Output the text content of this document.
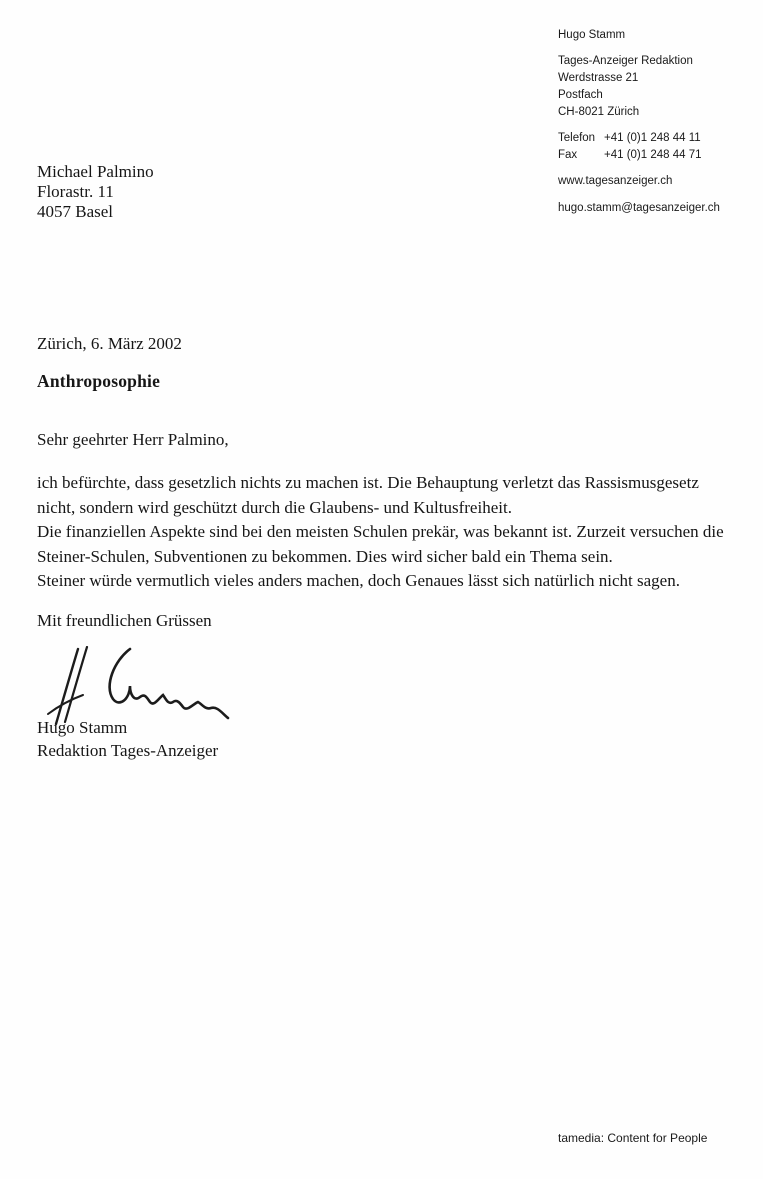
Hugo Stamm
Tages-Anzeiger Redaktion
Werdstrasse 21
Postfach
CH-8021 Zürich
Telefon +41 (0)1 248 44 11
Fax	+41 (0)1 248 44 71
www.tagesanzeiger.ch
hugo.stamm@tagesanzeiger.ch
Michael Palmino
Florastr. 11
4057 Basel
Zürich, 6. März 2002
Anthroposophie
Sehr geehrter Herr Palmino,

ich befürchte, dass gesetzlich nichts zu machen ist. Die Behauptung verletzt das Rassismusgesetz nicht, sondern wird geschützt durch die Glaubens- und Kultusfreiheit.

Die finanziellen Aspekte sind bei den meisten Schulen prekär, was bekannt ist. Zurzeit versuchen die Steiner-Schulen, Subventionen zu bekommen. Dies wird sicher bald ein Thema sein.

Steiner würde vermutlich vieles anders machen, doch Genaues lässt sich natürlich nicht sagen.

Mit freundlichen Grüssen
Hugo Stamm
Redaktion Tages-Anzeiger
tamedia: Content for People
